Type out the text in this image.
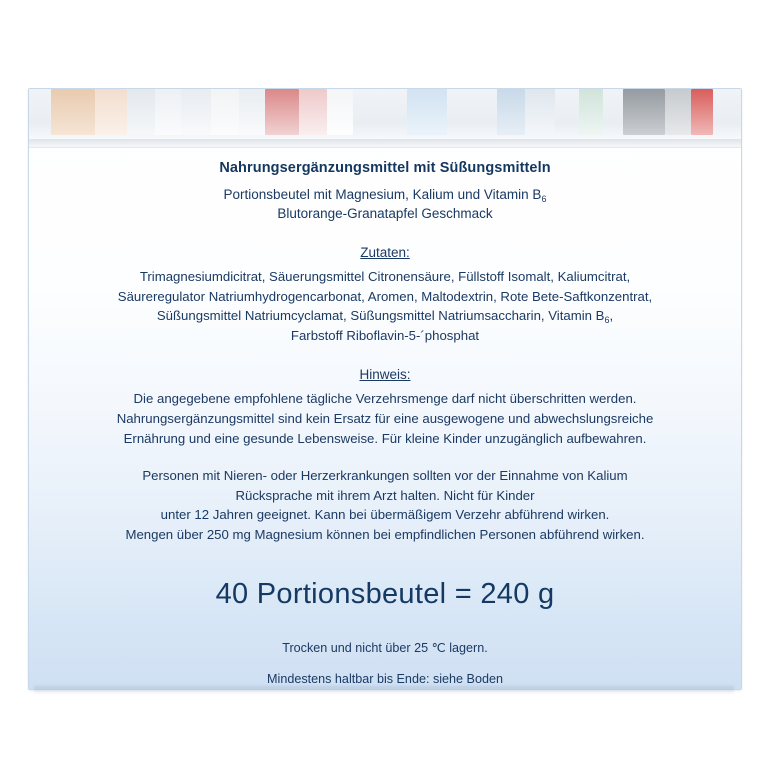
Nahrungsergänzungsmittel mit Süßungsmitteln
Portionsbeutel mit Magnesium, Kalium und Vitamin $B_6$
Blutorange-Granatapfel Geschmack
Zutaten:
Trimagnesiumdicitrat, Säuerungsmittel Citronensäure, Füllstoff Isomalt, Kaliumcitrat,
Säureregulator Natriumhydrogencarbonat, Aromen, Maltodextrin, Rote Bete-Saftkonzentrat,
Süßungsmittel Natriumcyclamat, Süßungsmittel Natriumsaccharin, Vitamin $B_6$,
Farbstoff Riboflavin-5-´phosphat
Hinweis:
Die angegebene empfohlene tägliche Verzehrsmenge darf nicht überschritten werden.
Nahrungsergänzungsmittel sind kein Ersatz für eine ausgewogene und abwechslungsreiche
Ernährung und eine gesunde Lebensweise. Für kleine Kinder unzugänglich aufbewahren.
Personen mit Nieren- oder Herzerkrankungen sollten vor der Einnahme von Kalium
Rücksprache mit ihrem Arzt halten. Nicht für Kinder
unter 12 Jahren geeignet. Kann bei übermäßigem Verzehr abführend wirken.
Mengen über 250 mg Magnesium können bei empfindlichen Personen abführend wirken.
40 Portionsbeutel = 240 g
Trocken und nicht über 25 ℃ lagern.
Mindestens haltbar bis Ende: siehe Boden
